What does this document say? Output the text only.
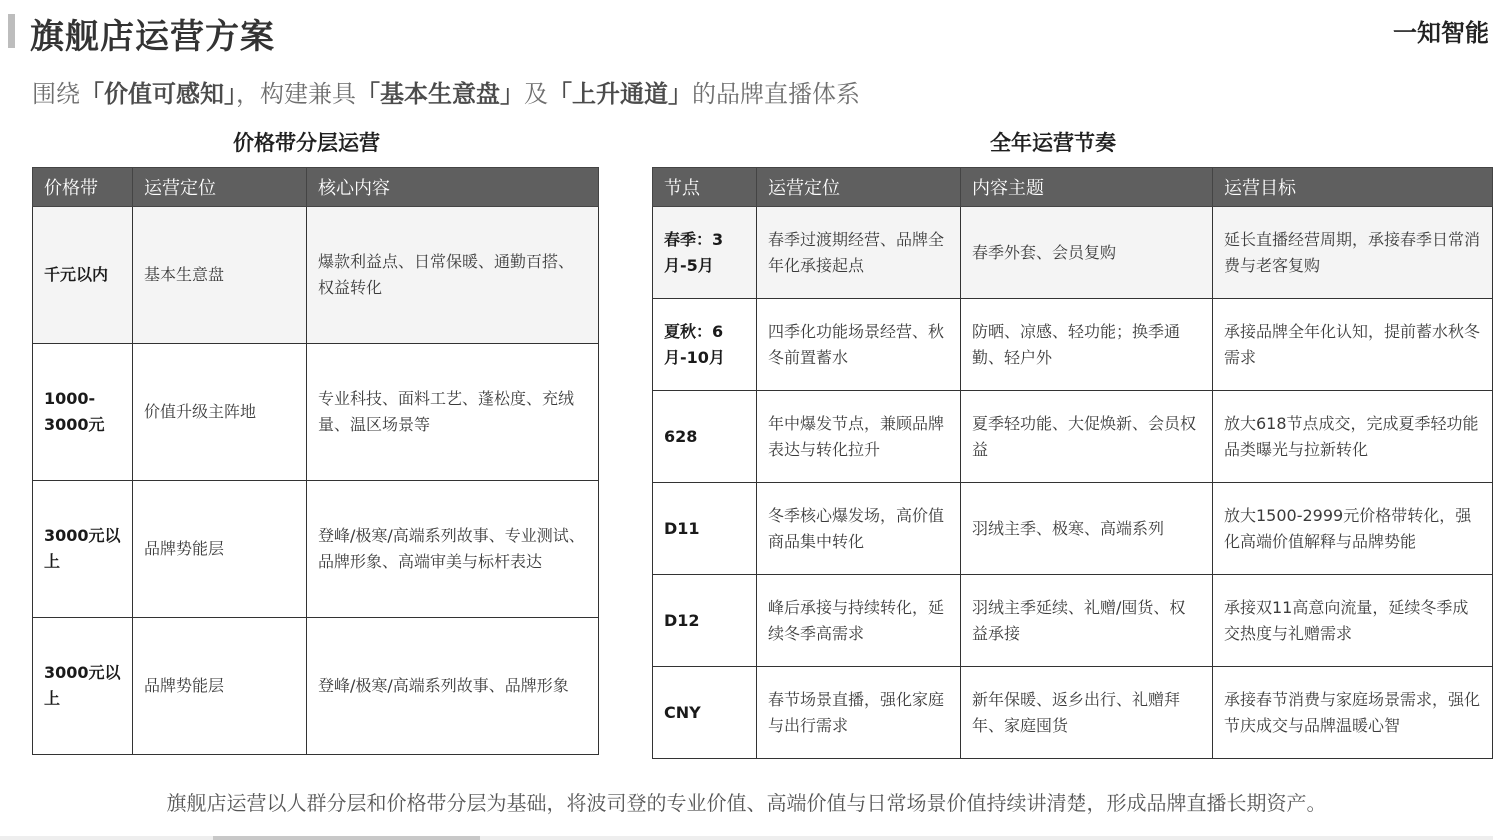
旗舰店运营方案	一知智能
围绕「价值可感知」，构建兼具「基本生意盘」及「上升通道」的品牌直播体系
价格带分层运营
价格带	运营定位	核心内容
千元以内	基本生意盘	爆款利益点、日常保暖、通勤百搭、权益转化
1000-3000元	价值升级主阵地	专业科技、面料工艺、蓬松度、充绒量、温区场景等
3000元以上	品牌势能层	登峰/极寒/高端系列故事、专业测试、品牌形象、高端审美与标杆表达
3000元以上	品牌势能层	登峰/极寒/高端系列故事、品牌形象
全年运营节奏
节点	运营定位	内容主题	运营目标
春季：3月-5月	春季过渡期经营、品牌全年化承接起点	春季外套、会员复购	延长直播经营周期，承接春季日常消费与老客复购
夏秋：6月-10月	四季化功能场景经营、秋冬前置蓄水	防晒、凉感、轻功能；换季通勤、轻户外	承接品牌全年化认知，提前蓄水秋冬需求
628	年中爆发节点，兼顾品牌表达与转化拉升	夏季轻功能、大促焕新、会员权益	放大618节点成交，完成夏季轻功能品类曝光与拉新转化
D11	冬季核心爆发场，高价值商品集中转化	羽绒主季、极寒、高端系列	放大1500-2999元价格带转化，强化高端价值解释与品牌势能
D12	峰后承接与持续转化，延续冬季高需求	羽绒主季延续、礼赠/囤货、权益承接	承接双11高意向流量，延续冬季成交热度与礼赠需求
CNY	春节场景直播，强化家庭与出行需求	新年保暖、返乡出行、礼赠拜年、家庭囤货	承接春节消费与家庭场景需求，强化节庆成交与品牌温暖心智
旗舰店运营以人群分层和价格带分层为基础，将波司登的专业价值、高端价值与日常场景价值持续讲清楚，形成品牌直播长期资产。
